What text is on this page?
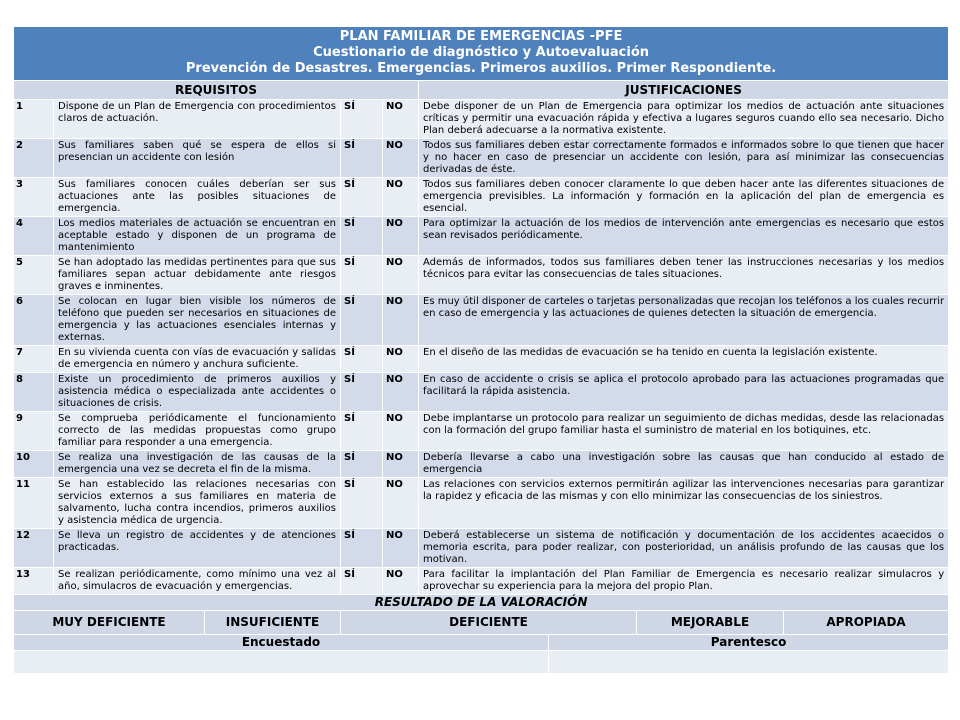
PLAN FAMILIAR DE EMERGENCIAS -PFE
Cuestionario de diagnóstico y Autoevaluación
Prevención de Desastres. Emergencias. Primeros auxilios. Primer Respondiente.								

REQUISITOS					JUSTIFICACIONES			
1	Dispone de un Plan de Emergencia con procedimientos claros de actuación.		SÍ	NO	Debe disponer de un Plan de Emergencia para optimizar los medios de actuación ante situaciones críticas y permitir una evacuación rápida y efectiva a lugares seguros cuando ello sea necesario. Dicho Plan deberá adecuarse a la normativa existente.			
2	Sus familiares saben qué se espera de ellos si presencian un accidente con lesión		SÍ	NO	Todos sus familiares deben estar correctamente formados e informados sobre lo que tienen que hacer y no hacer en caso de presenciar un accidente con lesión, para así minimizar las consecuencias derivadas de éste.			
3	Sus familiares conocen cuáles deberían ser sus actuaciones ante las posibles situaciones de emergencia.		SÍ	NO	Todos sus familiares deben conocer claramente lo que deben hacer ante las diferentes situaciones de emergencia previsibles. La información y formación en la aplicación del plan de emergencia es esencial.			
4	Los medios materiales de actuación se encuentran en aceptable estado y disponen de un programa de mantenimiento		SÍ	NO	Para optimizar la actuación de los medios de intervención ante emergencias es necesario que estos sean revisados periódicamente.			
5	Se han adoptado las medidas pertinentes para que sus familiares sepan actuar debidamente ante riesgos graves e inminentes.		SÍ	NO	Además de informados, todos sus familiares deben tener las instrucciones necesarias y los medios técnicos para evitar las consecuencias de tales situaciones.			
6	Se colocan en lugar bien visible los números de teléfono que pueden ser necesarios en situaciones de emergencia y las actuaciones esenciales internas y externas.		SÍ	NO	Es muy útil disponer de carteles o tarjetas personalizadas que recojan los teléfonos a los cuales recurrir en caso de emergencia y las actuaciones de quienes detecten la situación de emergencia.			
7	En su vivienda cuenta con vías de evacuación y salidas de emergencia en número y anchura suficiente.		SÍ	NO	En el diseño de las medidas de evacuación se ha tenido en cuenta la legislación existente.			
8	Existe un procedimiento de primeros auxilios y asistencia médica o especializada ante accidentes o situaciones de crisis.		SÍ	NO	En caso de accidente o crisis se aplica el protocolo aprobado para las actuaciones programadas que facilitará la rápida asistencia.			
9	Se comprueba periódicamente el funcionamiento correcto de las medidas propuestas como grupo familiar para responder a una emergencia.		SÍ	NO	Debe implantarse un protocolo para realizar un seguimiento de dichas medidas, desde las relacionadas con la formación del grupo familiar hasta el suministro de material en los botiquines, etc.			
10	Se realiza una investigación de las causas de la emergencia una vez se decreta el fin de la misma.		SÍ	NO	Debería llevarse a cabo una investigación sobre las causas que han conducido al estado de emergencia			
11	Se han establecido las relaciones necesarias con servicios externos a sus familiares en materia de salvamento, lucha contra incendios, primeros auxilios y asistencia médica de urgencia.		SÍ	NO	Las relaciones con servicios externos permitirán agilizar las intervenciones necesarias para garantizar la rapidez y eficacia de las mismas y con ello minimizar las consecuencias de los siniestros.			
12	Se lleva un registro de accidentes y de atenciones practicadas.		SÍ	NO	Deberá establecerse un sistema de notificación y documentación de los accidentes acaecidos o memoria escrita, para poder realizar, con posterioridad, un análisis profundo de las causas que los motivan.			
13	Se realizan periódicamente, como mínimo una vez al año, simulacros de evacuación y emergencias.		SÍ	NO	Para facilitar la implantación del Plan Familiar de Emergencia es necesario realizar simulacros y aprovechar su experiencia para la mejora del propio Plan.			
RESULTADO DE LA VALORACIÓN								
MUY DEFICIENTE		INSUFICIENTE	DEFICIENTE				MEJORABLE	APROPIADA
Encuestado						Parentesco		
